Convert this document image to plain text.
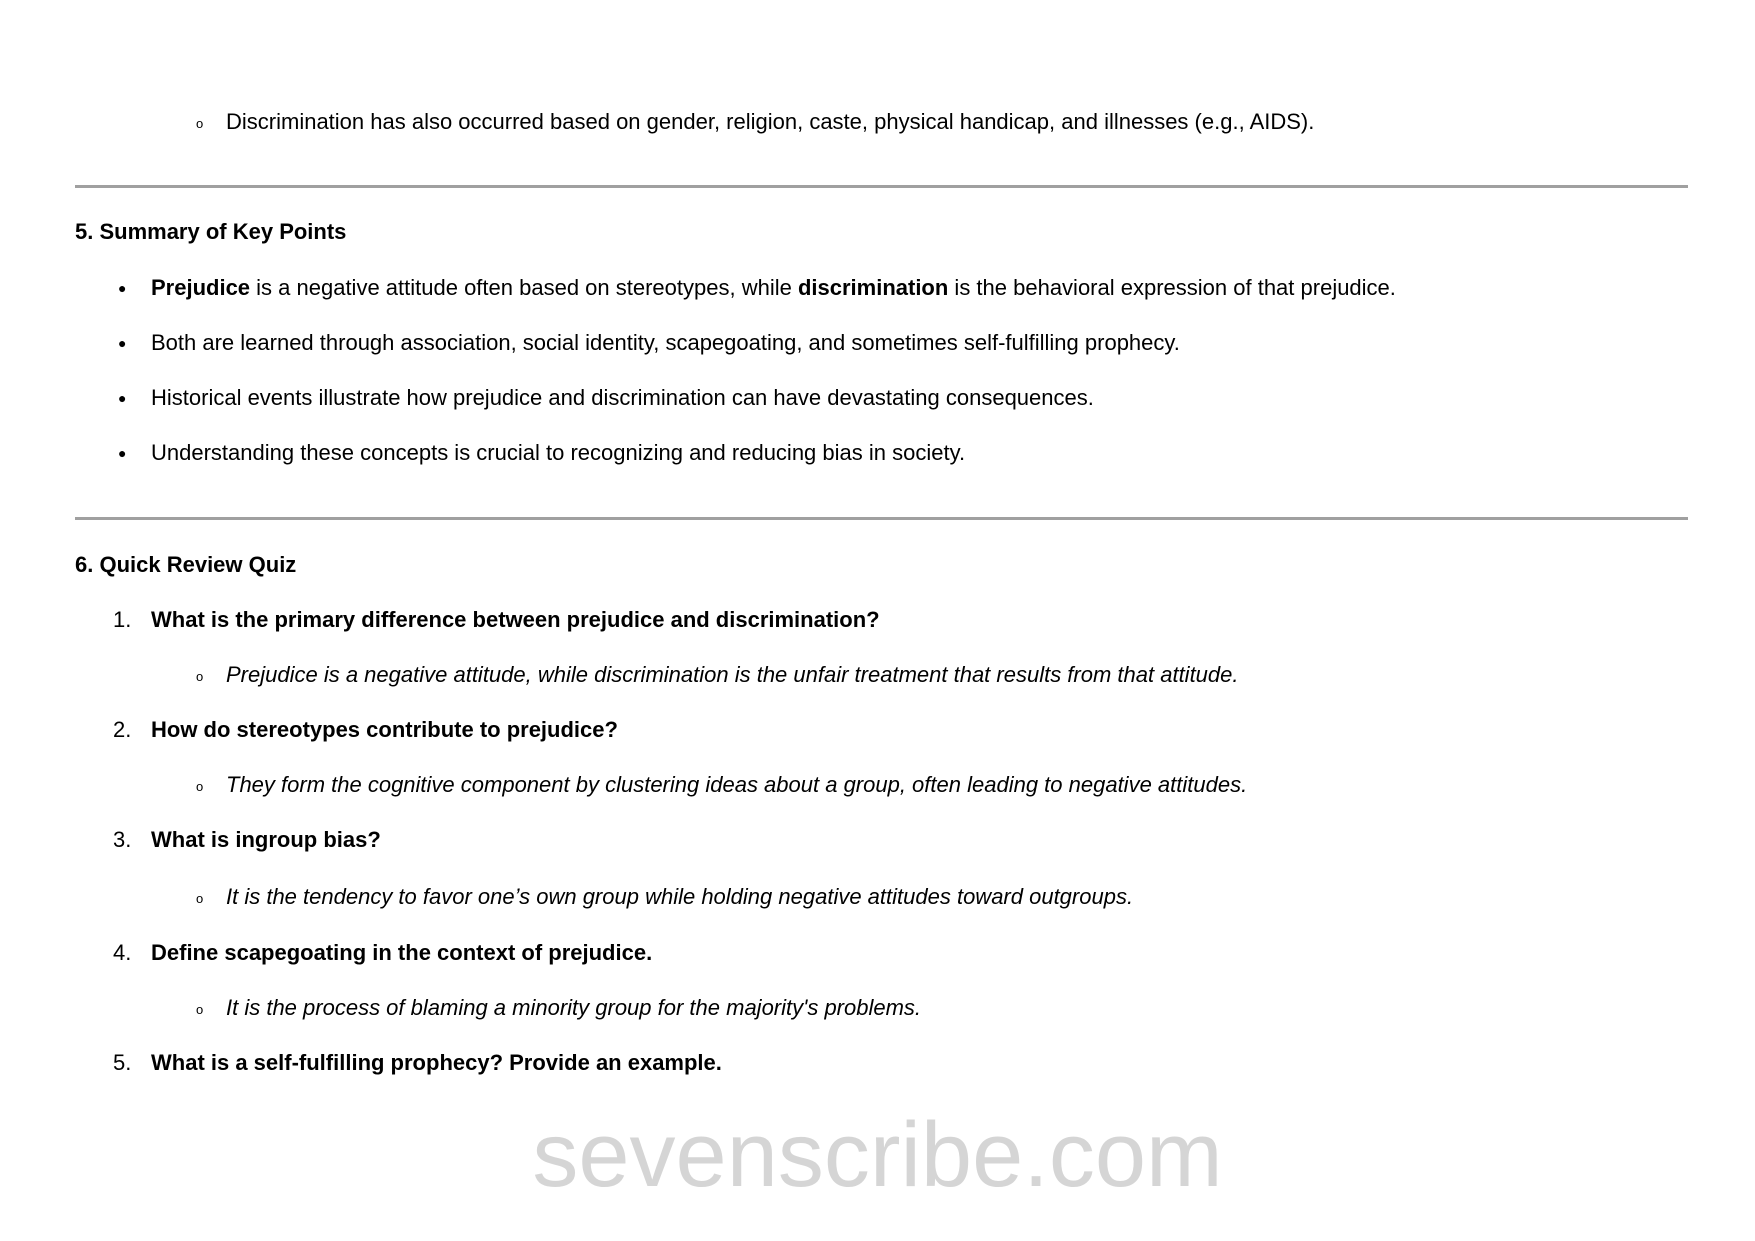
o Discrimination has also occurred based on gender, religion, caste, physical handicap, and illnesses (e.g., AIDS).
5. Summary of Key Points
● Prejudice is a negative attitude often based on stereotypes, while discrimination is the behavioral expression of that prejudice.
● Both are learned through association, social identity, scapegoating, and sometimes self-fulfilling prophecy.
● Historical events illustrate how prejudice and discrimination can have devastating consequences.
● Understanding these concepts is crucial to recognizing and reducing bias in society.
6. Quick Review Quiz
1. What is the primary difference between prejudice and discrimination?
o Prejudice is a negative attitude, while discrimination is the unfair treatment that results from that attitude.
2. How do stereotypes contribute to prejudice?
o They form the cognitive component by clustering ideas about a group, often leading to negative attitudes.
3. What is ingroup bias?
o It is the tendency to favor one’s own group while holding negative attitudes toward outgroups.
4. Define scapegoating in the context of prejudice.
o It is the process of blaming a minority group for the majority's problems.
5. What is a self-fulfilling prophecy? Provide an example.
sevenscribe.com
